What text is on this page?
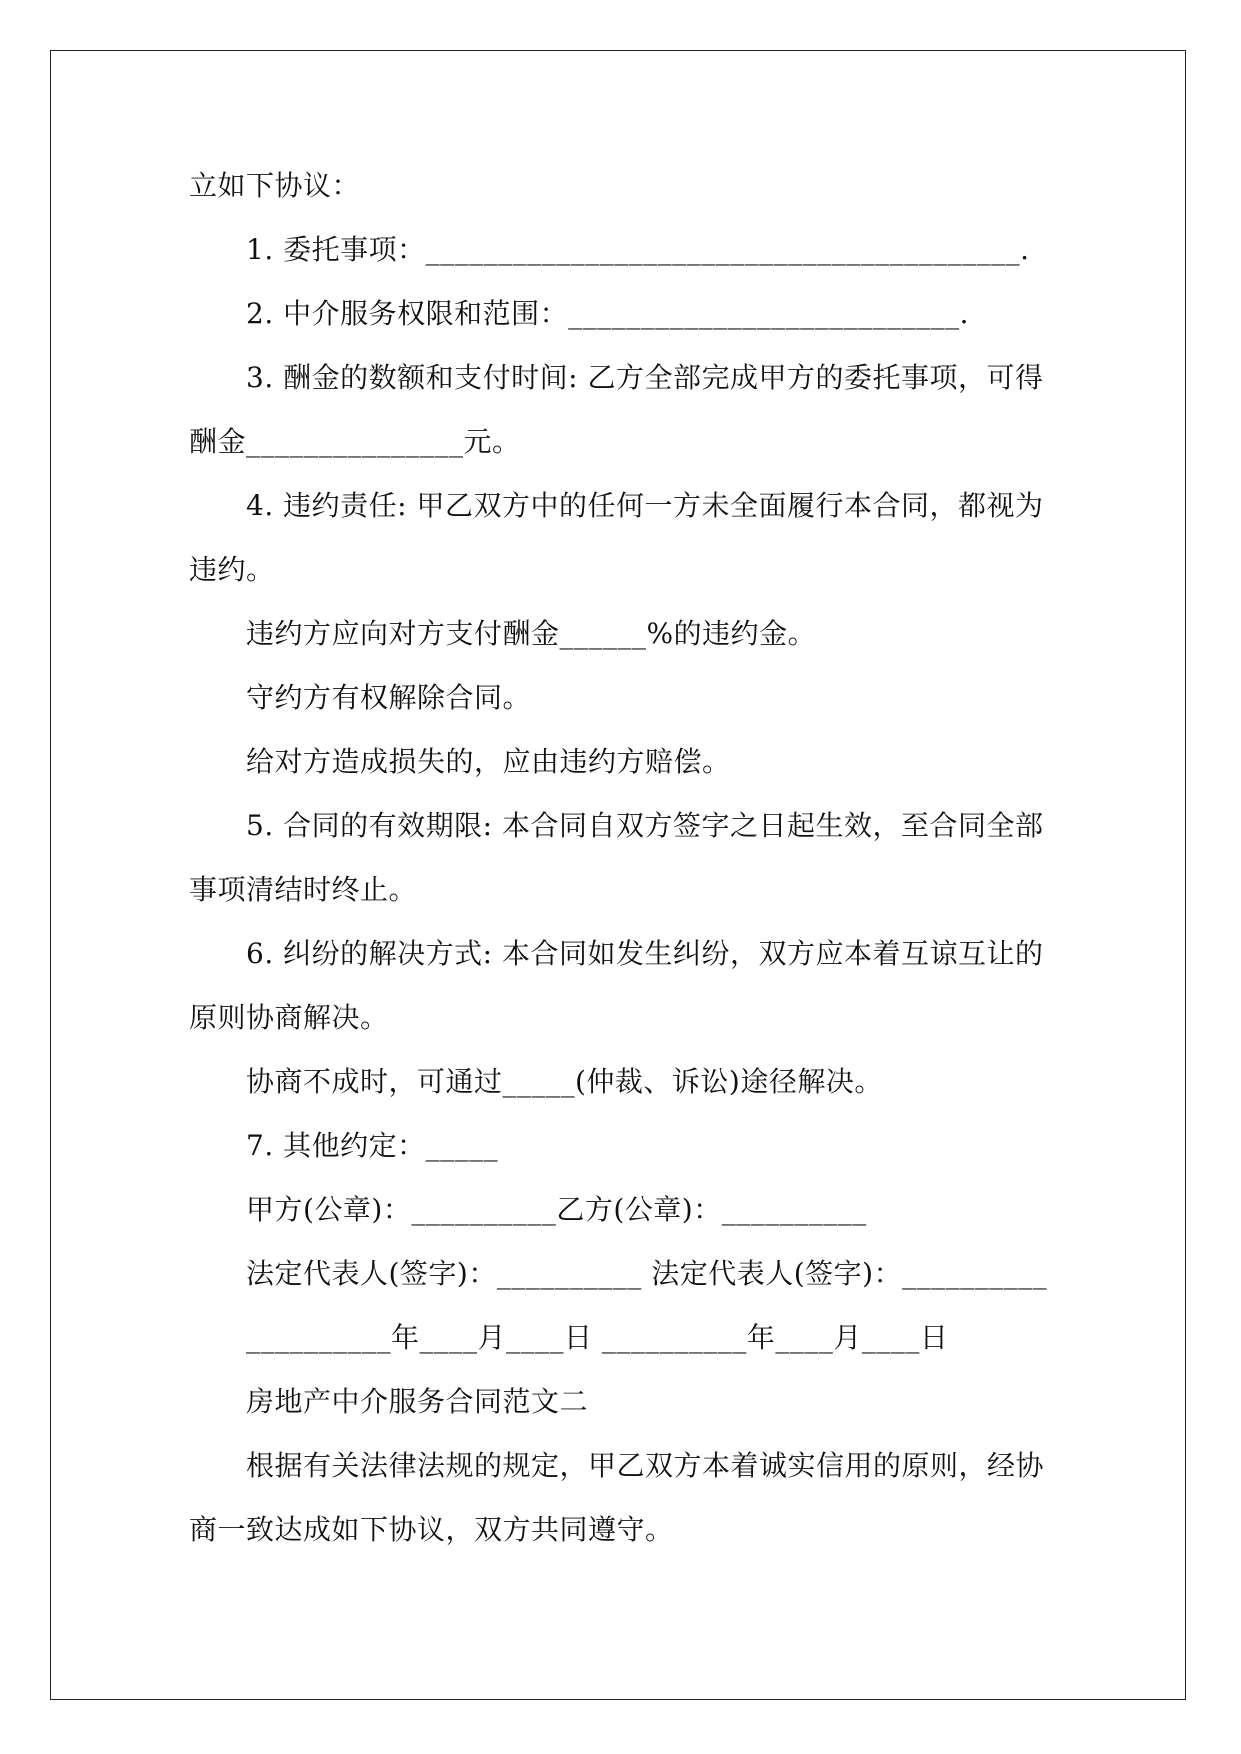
立如下协议：
1. 委托事项：_________________________________________.
2. 中介服务权限和范围：___________________________.
3. 酬金的数额和支付时间: 乙方全部完成甲方的委托事项，可得
酬金_______________元。
4. 违约责任: 甲乙双方中的任何一方未全面履行本合同，都视为
违约。
违约方应向对方支付酬金______%的违约金。
守约方有权解除合同。
给对方造成损失的，应由违约方赔偿。
5. 合同的有效期限: 本合同自双方签字之日起生效，至合同全部
事项清结时终止。
6. 纠纷的解决方式: 本合同如发生纠纷，双方应本着互谅互让的
原则协商解决。
协商不成时，可通过_____(仲裁、诉讼)途径解决。
7. 其他约定：_____
甲方(公章)：__________乙方(公章)：__________
法定代表人(签字)：__________ 法定代表人(签字)：__________
__________年____月____日 __________年____月____日
房地产中介服务合同范文二
根据有关法律法规的规定，甲乙双方本着诚实信用的原则，经协
商一致达成如下协议，双方共同遵守。
